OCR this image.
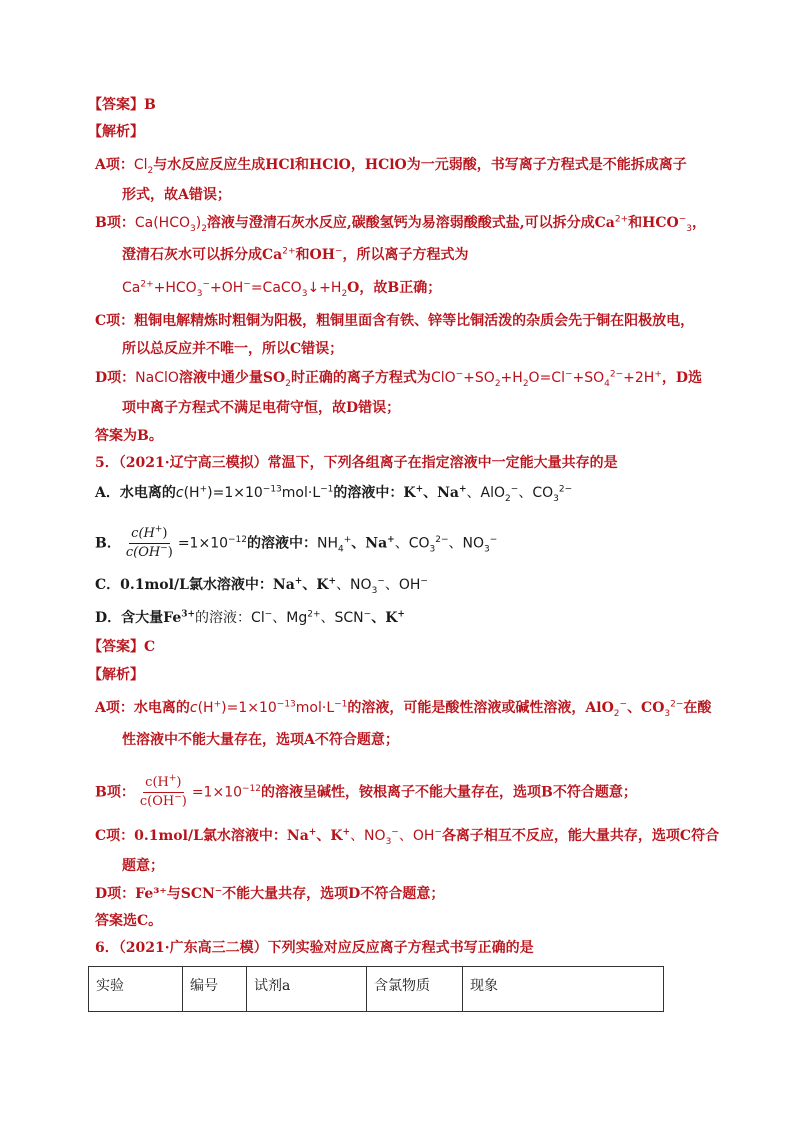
【答案】B
【解析】
A项：$Cl_2$与水反应反应生成HCl和HClO，HClO为一元弱酸，书写离子方程式是不能拆成离子
形式，故A错误；
B项：$Ca(HCO_3)_2$溶液与澄清石灰水反应,碳酸氢钙为易溶弱酸酸式盐,可以拆分成$Ca^{2+}$和$HCO^-_3$，
澄清石灰水可以拆分成$Ca^{2+}$和OH−，所以离子方程式为
$Ca^{2+}+HCO_3^-+OH^-=CaCO_3↓+H_2O$，故B正确；
C项：粗铜电解精炼时粗铜为阳极，粗铜里面含有铁、锌等比铜活泼的杂质会先于铜在阳极放电，
所以总反应并不唯一，所以C错误；
D项：NaClO溶液中通少量$SO_2$时正确的离子方程式为$ClO^-+SO_2+H_2O=Cl^-+SO_4^{2-}+2H^+$，D选
项中离子方程式不满足电荷守恒，故D错误；
答案为B。
5．（2021·辽宁高三模拟）常温下，下列各组离子在指定溶液中一定能大量共存的是
A．水电离的$c(H^+)=1\times 10^{-13}mol\cdot L^{-1}$的溶液中：K+、Na+、AlO$_2$−、$CO_3^{2-}$
B． $\frac{c(H^+)}{c(OH^-)} =1\times 10^{-12}$的溶液中：$NH_4^+$、Na+、$CO_3^{2-}$、$NO_3^-$
C．0.1mol/L氯水溶液中：Na+、K+、$NO_3^-$、OH−
D．含大量$Fe^{3+}$的溶液：Cl−、$Mg^{2+}$、SCN−、K+
【答案】C
【解析】
A项：水电离的$c(H^+)=1\times 10^{-13}mol\cdot L^{-1}$的溶液，可能是酸性溶液或碱性溶液，AlO$_2$−、$CO_3^{2-}$在酸
性溶液中不能大量存在，选项A不符合题意；
B项： $\frac{c(H^+)}{c(OH^-)} =1\times 10^{-12}$的溶液呈碱性，铵根离子不能大量存在，选项B不符合题意；
C项：0.1mol/L氯水溶液中：Na+、K+、$NO_3^-$、OH−各离子相互不反应，能大量共存，选项C符合
题意；
D项：Fe³⁺与SCN⁻不能大量共存，选项D不符合题意；
答案选C。
6．（2021·广东高三二模）下列实验对应反应离子方程式书写正确的是
实验	编号	试剂a	含氯物质	现象
